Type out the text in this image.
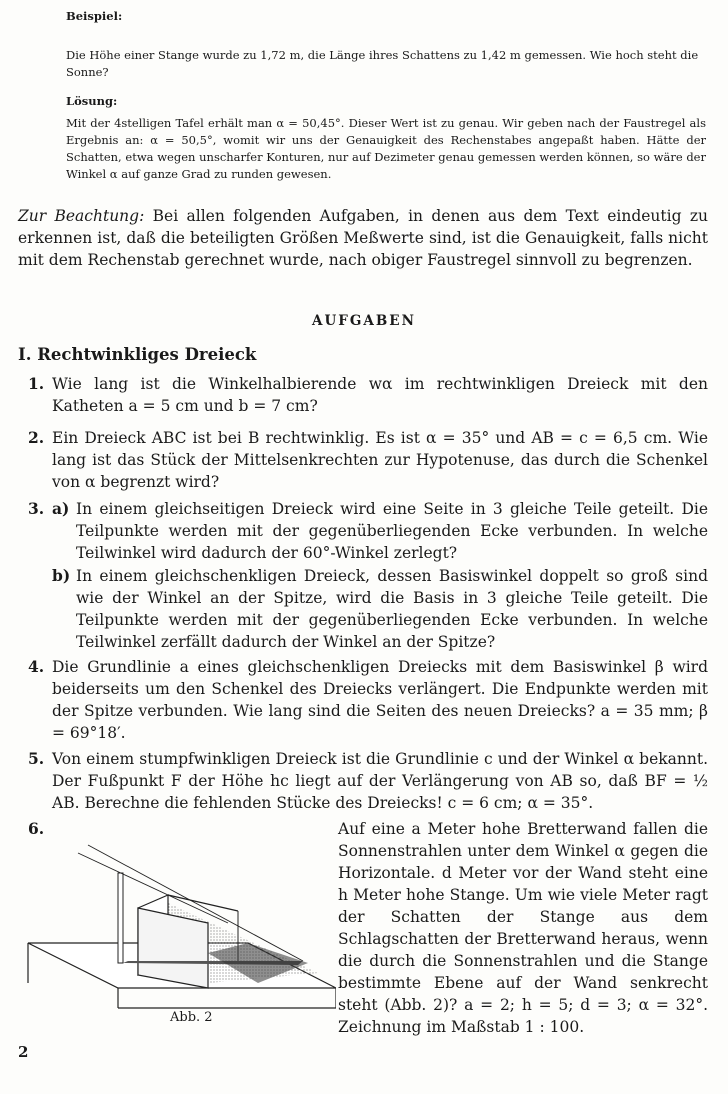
Beispiel:
Die Höhe einer Stange wurde zu 1,72 m, die Länge ihres Schattens zu 1,42 m gemessen. Wie hoch steht die Sonne?
Lösung:
Mit der 4stelligen Tafel erhält man α = 50,45°. Dieser Wert ist zu genau. Wir geben nach der Faustregel als Ergebnis an: α = 50,5°, womit wir uns der Genauigkeit des Rechenstabes angepaßt haben. Hätte der Schatten, etwa wegen unscharfer Konturen, nur auf Dezimeter genau gemessen werden können, so wäre der Winkel α auf ganze Grad zu runden gewesen.
Zur Beachtung: Bei allen folgenden Aufgaben, in denen aus dem Text eindeutig zu erkennen ist, daß die beteiligten Größen Meßwerte sind, ist die Genauigkeit, falls nicht mit dem Rechenstab gerechnet wurde, nach obiger Faustregel sinnvoll zu begrenzen.
AUFGABEN
I. Rechtwinkliges Dreieck
1. Wie lang ist die Winkelhalbierende wα im rechtwinkligen Dreieck mit den Katheten a = 5 cm und b = 7 cm?
2. Ein Dreieck ABC ist bei B rechtwinklig. Es ist α = 35° und AB = c = 6,5 cm. Wie lang ist das Stück der Mittelsenkrechten zur Hypotenuse, das durch die Schenkel von α begrenzt wird?
3. a) In einem gleichseitigen Dreieck wird eine Seite in 3 gleiche Teile geteilt. Die Teilpunkte werden mit der gegenüberliegenden Ecke verbunden. In welche Teilwinkel wird dadurch der 60°-Winkel zerlegt?
b) In einem gleichschenkligen Dreieck, dessen Basiswinkel doppelt so groß sind wie der Winkel an der Spitze, wird die Basis in 3 gleiche Teile geteilt. Die Teilpunkte werden mit der gegenüberliegenden Ecke verbunden. In welche Teilwinkel zerfällt dadurch der Winkel an der Spitze?
4. Die Grundlinie a eines gleichschenkligen Dreiecks mit dem Basiswinkel β wird beiderseits um den Schenkel des Dreiecks verlängert. Die Endpunkte werden mit der Spitze verbunden. Wie lang sind die Seiten des neuen Dreiecks? a = 35 mm; β = 69°18′.
5. Von einem stumpfwinkligen Dreieck ist die Grundlinie c und der Winkel α bekannt. Der Fußpunkt F der Höhe hc liegt auf der Verlängerung von AB so, daß BF = ½ AB. Berechne die fehlenden Stücke des Dreiecks! c = 6 cm; α = 35°.
6.	Auf eine a Meter hohe Bretterwand fallen die Sonnenstrahlen unter dem Winkel α gegen die Horizontale. d Meter vor der Wand steht eine h Meter hohe Stange. Um wie viele Meter ragt der Schatten der Stange aus dem Schlagschatten der Bretterwand heraus, wenn die durch die Sonnenstrahlen und die Stange bestimmte Ebene auf der Wand senkrecht steht (Abb. 2)? a = 2; h = 5; d = 3; α = 32°. Zeichnung im Maßstab 1 : 100.
Abb. 2
2
